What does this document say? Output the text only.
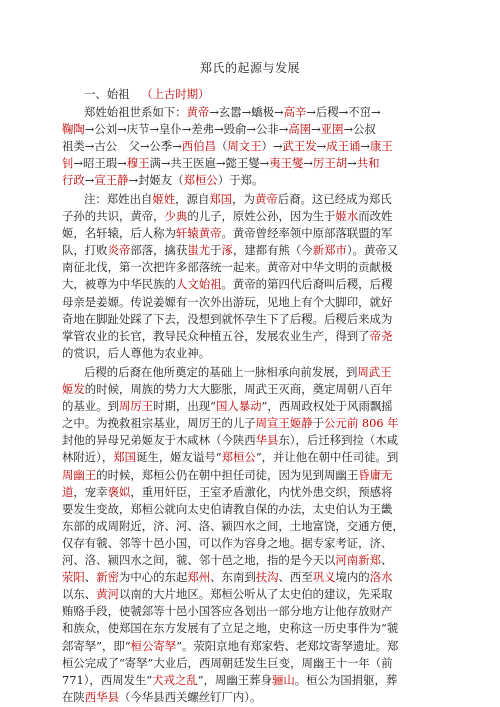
郑氏的起源与发展
一、始祖 （上古时期）
郑姓始祖世系如下：黄帝→玄嚣→蟜极→高辛→后稷→不窋→
鞠陶→公刘→庆节→皇仆→差弗→毁俞→公非→高圉→亚圉→公叔
祖类→古公　父→公季→西伯昌（周文王）→武王发→成王诵→康王
钊→昭王瑕→穆王满→共王医扈→懿王燮→夷王燮→厉王胡→共和
行政→宣王静→封姬友（郑桓公）于郑。
注：郑姓出自姬姓，源自郑国，为黄帝后裔。这已经成为郑氏
子孙的共识，黄帝，少典的儿子，原姓公孙，因为生于姬水而改姓
姬，名轩辕，后人称为轩辕黄帝。黄帝曾经率领中原部落联盟的军
队，打败炎帝部落，擒获蚩尤于涿，建都有熊（今新郑市）。黄帝又
南征北伐，第一次把许多部落统一起来。黄帝对中华文明的贡献极
大，被尊为中华民族的人文始祖。黄帝的第四代后裔叫后稷，后稷
母亲是姜嫄。传说姜嫄有一次外出游玩，见地上有个大脚印，就好
奇地在脚趾处踩了下去，没想到就怀孕生下了后稷。后稷后来成为
掌管农业的长官，教导民众种植五谷，发展农业生产，得到了帝尧
的赏识，后人尊他为农业神。
后稷的后裔在他所奠定的基础上一脉相承向前发展，到周武王
姬发的时候，周族的势力大大膨胀，周武王灭商，奠定周朝八百年
的基业。到周厉王时期，出现“国人暴动”，西周政权处于风雨飘摇
之中。为挽救祖宗基业，周厉王的儿子周宣王姬静于公元前 806 年
封他的异母兄弟姬友于木咸林（今陕西华县东），后迁移到捡（木咸
林附近），郑国诞生，姬友谥号“郑桓公”，并让他在朝中任司徒。到
周幽王的时候，郑桓公仍在朝中担任司徒，因为见到周幽王昏庸无
道，宠幸褒姒，重用奸臣，王室矛盾激化，内忧外患交织，预感将
要发生变故，郑桓公就向太史伯请教自保的办法，太史伯认为王畿
东部的成周附近，济、河、洛、颍四水之间，土地富饶，交通方便，
仅存有虢、邻等十邑小国，可以作为容身之地。据专家考证，济、
河、洛、颍四水之间，虢、邻十邑之地，指的是今天以河南新郑、
荥阳、新密为中心的东起郑州、东南到扶沟、西至巩义境内的洛水
以东、黄河以南的大片地区。郑桓公听从了太史伯的建议，先采取
贿赂手段，使虢郐等十邑小国答应各划出一部分地方让他存放财产
和族众，使郑国在东方发展有了立足之地，史称这一历史事件为“虢
郐寄孥”，即“桓公寄孥”。荥阳京地有郑家砦、老郑坟寄孥遗址。郑
桓公完成了“寄孥”大业后，西周朝廷发生巨变，周幽王十一年（前
771），西周发生“犬戎之乱”，周幽王葬身骊山。桓公为国捐躯，葬
在陕西华县（今华县西关螺丝钉厂内）。
